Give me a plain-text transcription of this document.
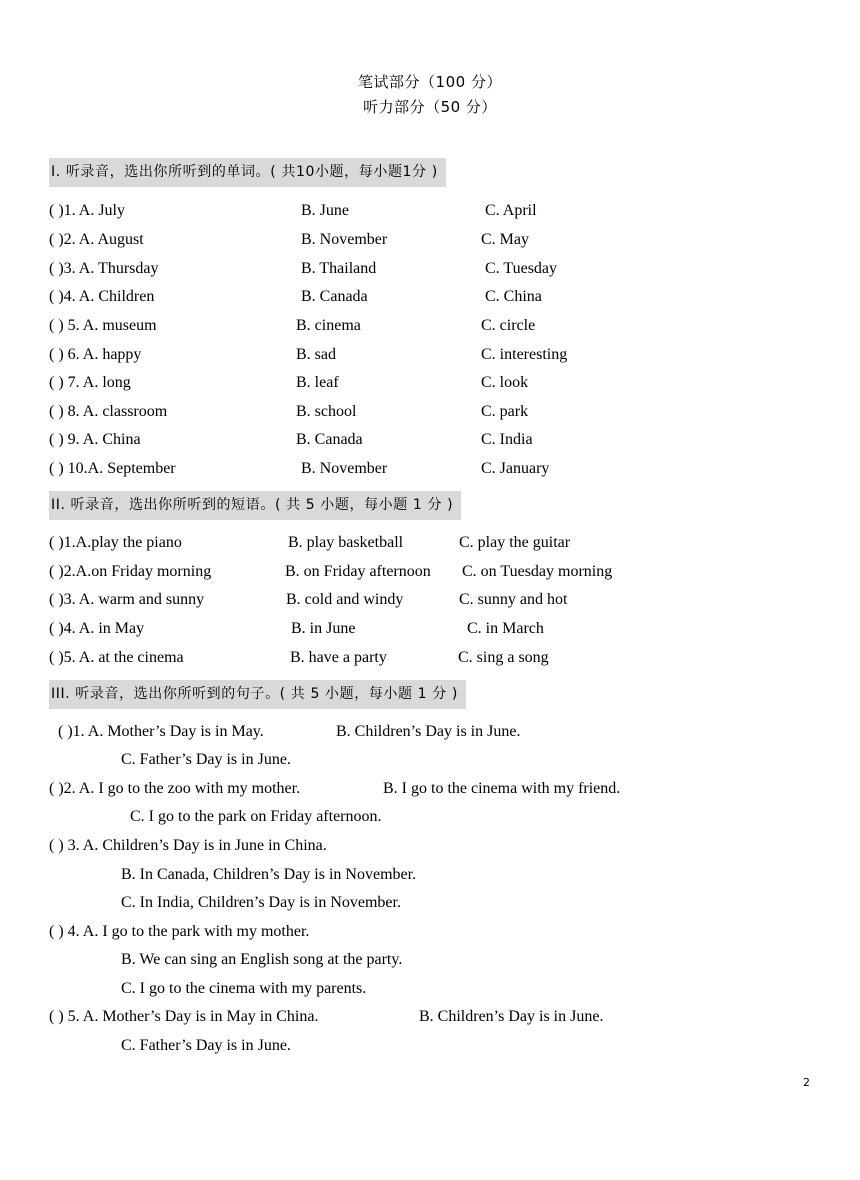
笔试部分（100 分）
听力部分（50 分）
I. 听录音，选出你所听到的单词。( 共10小题，每小题1分 )
( )1. A. July	B. June	C. April
( )2. A. August	B. November	C. May
( )3. A. Thursday	B. Thailand	C. Tuesday
( )4. A. Children	B. Canada	C. China
( ) 5. A. museum	B. cinema	C. circle
( ) 6. A. happy	B. sad	C. interesting
( ) 7. A. long	B. leaf	C. look
( ) 8. A. classroom	B. school	C. park
( ) 9. A. China	B. Canada	C. India
( ) 10.A. September	B. November	C. January
II. 听录音，选出你所听到的短语。( 共 5 小题，每小题 1 分 )
( )1.A.play the piano	B. play basketball	C. play the guitar
( )2.A.on Friday morning	B. on Friday afternoon C. on Tuesday morning
( )3. A. warm and sunny	B. cold and windy	C. sunny and hot
( )4. A. in May	B. in June	C. in March
( )5. A. at the cinema	B. have a party	C. sing a song
III. 听录音，选出你所听到的句子。( 共 5 小题，每小题 1 分 )
( )1. A. Mother’s Day is in May.	B. Children’s Day is in June.
C. Father’s Day is in June.
( )2. A. I go to the zoo with my mother.	B. I go to the cinema with my friend.
C. I go to the park on Friday afternoon.
( ) 3. A. Children’s Day is in June in China.
B. In Canada, Children’s Day is in November.
C. In India, Children’s Day is in November.
( ) 4. A. I go to the park with my mother.
B. We can sing an English song at the party.
C. I go to the cinema with my parents.
( ) 5. A. Mother’s Day is in May in China.	B. Children’s Day is in June.
C. Father’s Day is in June.
2
